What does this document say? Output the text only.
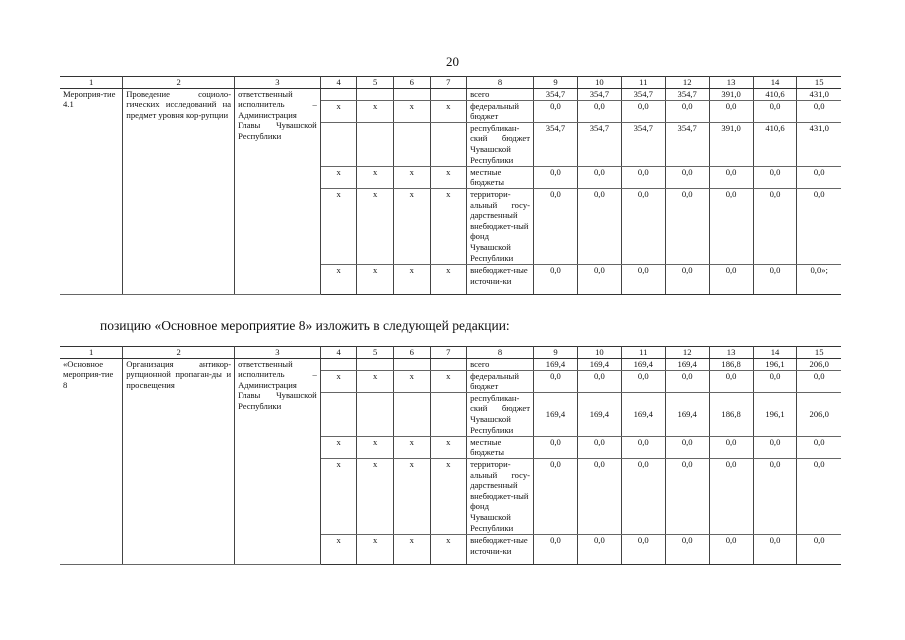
20
1	2	3	4	5	6	7	8	9	10	11	12	13	14	15
Мероприя-тие 4.1	Проведение социоло-гических исследований на предмет уровня кор-рупции	ответственный исполнитель – Администрация Главы Чувашской Республики					всего	354,7	354,7	354,7	354,7	391,0	410,6	431,0
			x	x	x	x	федеральный бюджет	0,0	0,0	0,0	0,0	0,0	0,0	0,0
							республикан-ский бюджет Чувашской Республики	354,7	354,7	354,7	354,7	391,0	410,6	431,0
			x	x	x	x	местные бюджеты	0,0	0,0	0,0	0,0	0,0	0,0	0,0
			x	x	x	x	территори-альный госу-дарственный внебюджет-ный фонд Чувашской Республики	0,0	0,0	0,0	0,0	0,0	0,0	0,0
			x	x	x	x	внебюджет-ные источни-ки	0,0	0,0	0,0	0,0	0,0	0,0	0,0»;
позицию «Основное мероприятие 8» изложить в следующей редакции:
1	2	3	4	5	6	7	8	9	10	11	12	13	14	15
«Основное мероприя-тие 8	Организация антикор-рупционной пропаган-ды и просвещения	ответственный исполнитель – Администрация Главы Чувашской Республики					всего	169,4	169,4	169,4	169,4	186,8	196,1	206,0
			x	x	x	x	федеральный бюджет	0,0	0,0	0,0	0,0	0,0	0,0	0,0
							республикан-ский бюджет Чувашской Республики	169,4	169,4	169,4	169,4	186,8	196,1	206,0
			x	x	x	x	местные бюджеты	0,0	0,0	0,0	0,0	0,0	0,0	0,0
			x	x	x	x	территори-альный госу-дарственный внебюджет-ный фонд Чувашской Республики	0,0	0,0	0,0	0,0	0,0	0,0	0,0
			x	x	x	x	внебюджет-ные источни-ки	0,0	0,0	0,0	0,0	0,0	0,0	0,0
